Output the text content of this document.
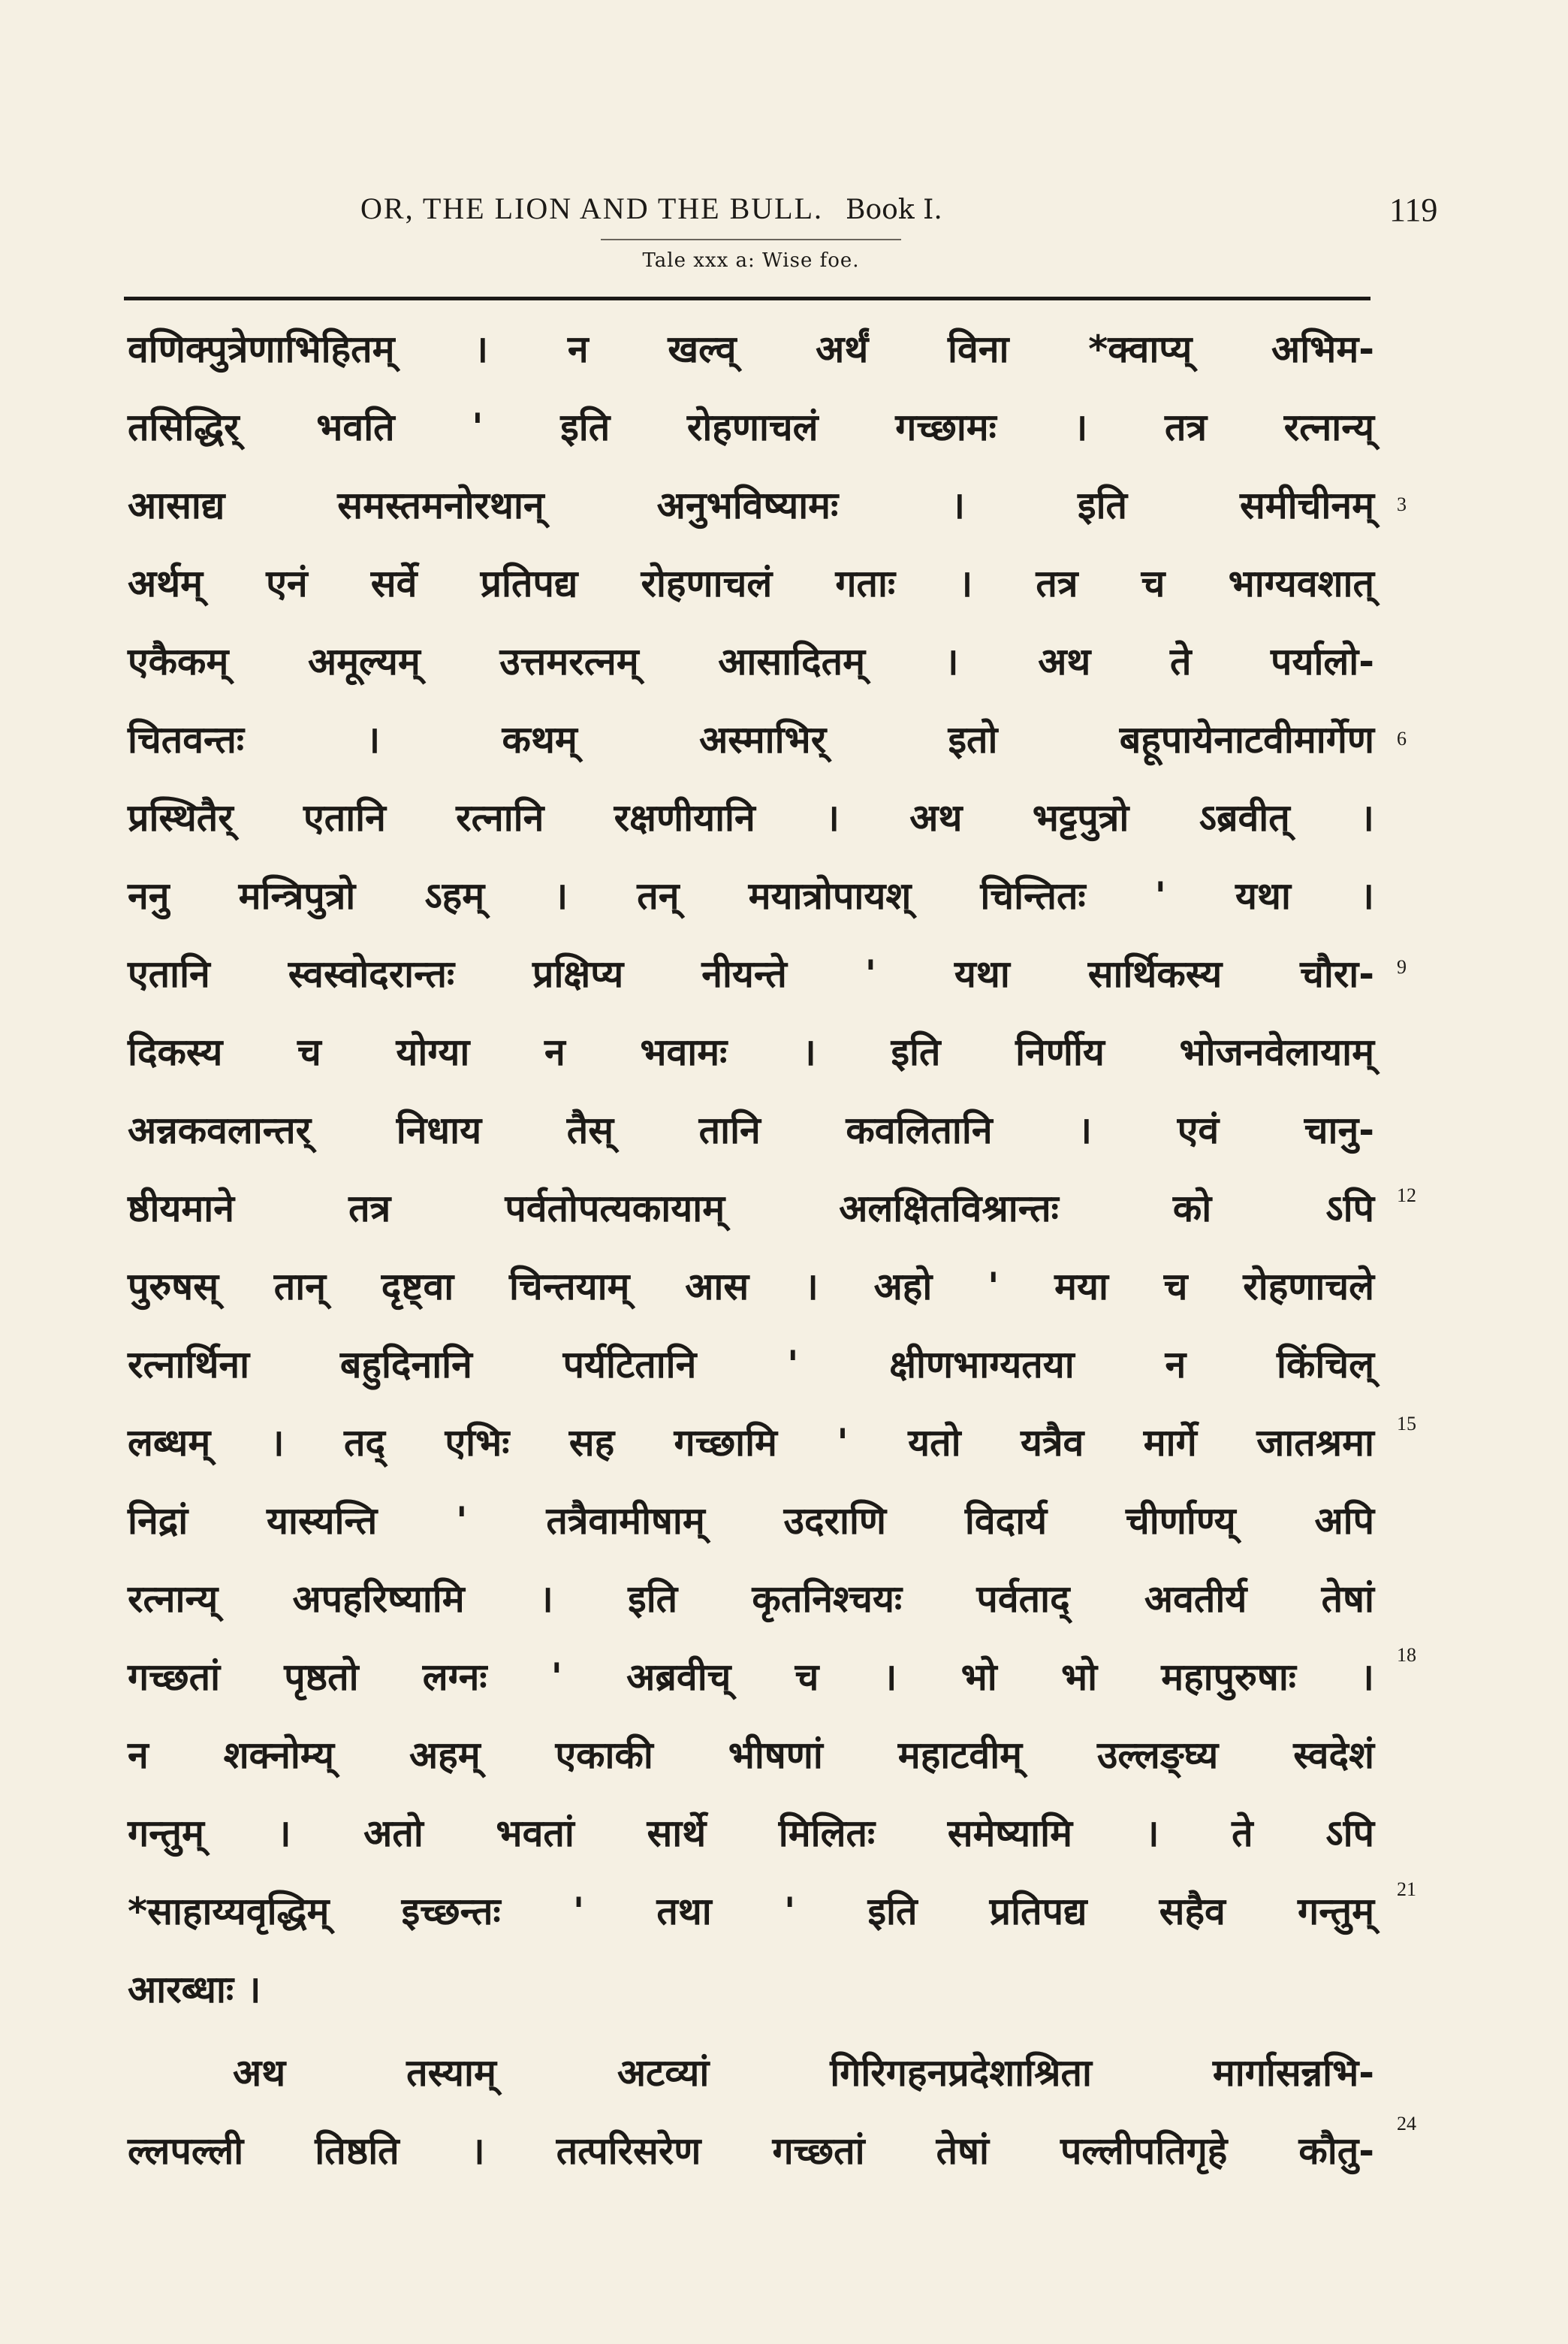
OR, THE LION AND THE BULL. Book I.	119
Tale xxx a: Wise foe.
वणिक्पुत्रेणाभिहितम् । न खल्व् अर्थं विना *क्वाप्य् अभिम-
तसिद्धिर् भवति ' इति रोहणाचलं गच्छामः । तत्र रत्नान्य्
आसाद्य समस्तमनोरथान् अनुभविष्यामः । इति समीचीनम्
अर्थम् एनं सर्वे प्रतिपद्य रोहणाचलं गताः । तत्र च भाग्यवशात्
एकैकम् अमूल्यम् उत्तमरत्नम् आसादितम् । अथ ते पर्यालो-
चितवन्तः । कथम् अस्माभिर् इतो बहूपायेनाटवीमार्गेण
प्रस्थितैर् एतानि रत्नानि रक्षणीयानि । अथ भट्टपुत्रो ऽब्रवीत् ।
ननु मन्त्रिपुत्रो ऽहम् । तन् मयात्रोपायश् चिन्तितः ' यथा ।
एतानि स्वस्वोदरान्तः प्रक्षिप्य नीयन्ते ' यथा सार्थिकस्य चौरा-
दिकस्य च योग्या न भवामः । इति निर्णीय भोजनवेलायाम्
अन्नकवलान्तर् निधाय तैस् तानि कवलितानि । एवं चानु-
ष्ठीयमाने तत्र पर्वतोपत्यकायाम् अलक्षितविश्रान्तः को ऽपि
पुरुषस् तान् दृष्ट्वा चिन्तयाम् आस । अहो ' मया च रोहणाचले
रत्नार्थिना बहुदिनानि पर्यटितानि ' क्षीणभाग्यतया न किंचिल्
लब्धम् । तद् एभिः सह गच्छामि ' यतो यत्रैव मार्गे जातश्रमा
निद्रां यास्यन्ति ' तत्रैवामीषाम् उदराणि विदार्य चीर्णाण्य् अपि
रत्नान्य् अपहरिष्यामि । इति कृतनिश्चयः पर्वताद् अवतीर्य तेषां
गच्छतां पृष्ठतो लग्नः ' अब्रवीच् च । भो भो महापुरुषाः ।
न शक्नोम्य् अहम् एकाकी भीषणां महाटवीम् उल्लङ्घ्य स्वदेशं
गन्तुम् । अतो भवतां सार्थे मिलितः समेष्यामि । ते ऽपि
*साहाय्यवृद्धिम् इच्छन्तः ' तथा ' इति प्रतिपद्य सहैव गन्तुम्
आरब्धाः ।
अथ तस्याम् अटव्यां गिरिगहनप्रदेशाश्रिता मार्गासन्नभि-
ल्लपल्ली तिष्ठति । तत्परिसरेण गच्छतां तेषां पल्लीपतिगृहे कौतु-
3
6
9
12
15
18
21
24
